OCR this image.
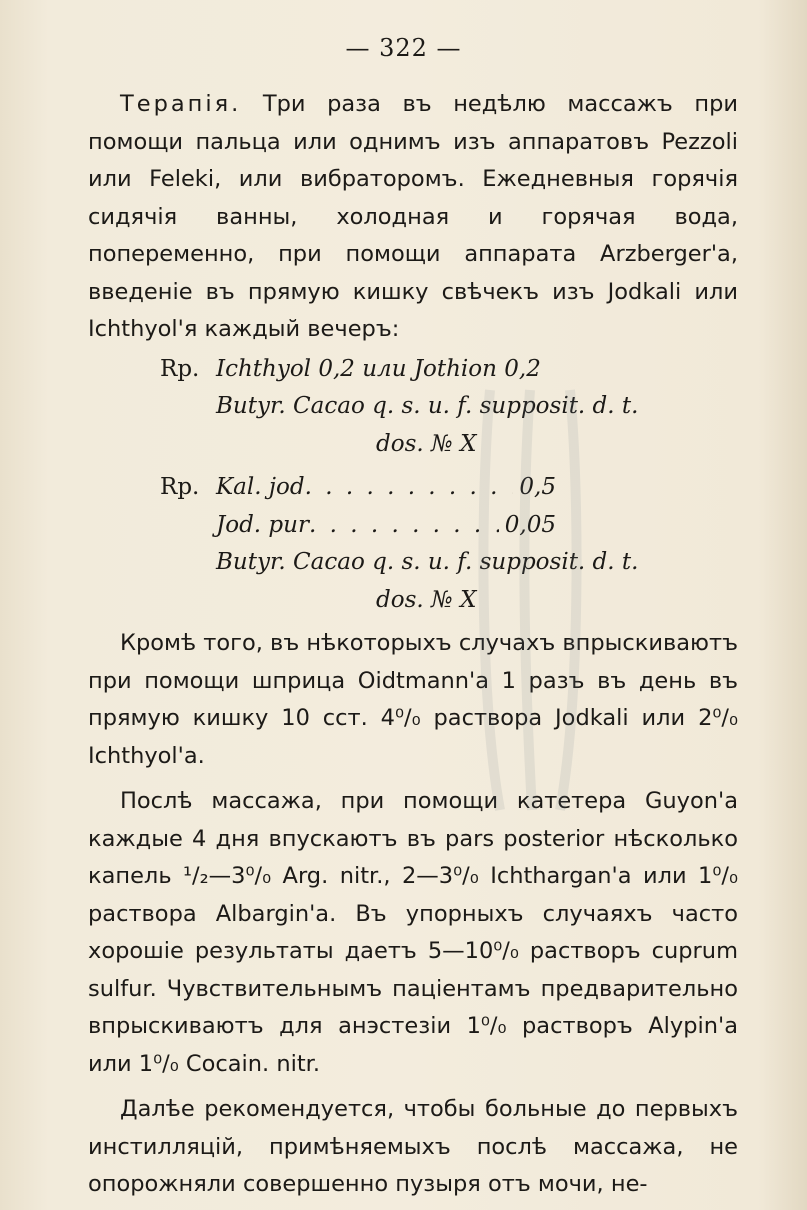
— 322 —

Терапія. Три раза въ недѣлю массажъ при помощи пальца или однимъ изъ аппаратовъ Pezzoli или Feleki, или вибраторомъ. Ежедневныя горячія сидячія ванны, холодная и горячая вода, попеременно, при помощи аппарата Arzberger'a, введеніе въ прямую кишку свѣчекъ изъ Jodkali или Ichthyol'я каждый вечеръ:

Rp. Ichthyol 0,2 или Jothion 0,2
Butyr. Cacao q. s. u. f. supposit. d. t.
dos. № X
Rp. Kal. jod . . .	0,5
Jod. pur . . .	0,05
Butyr. Cacao q. s. u. f. supposit. d. t.
dos. № X

Кромѣ того, въ нѣкоторыхъ случахъ впрыскиваютъ при помощи шприца Oidtmann'a 1 разъ въ день въ прямую кишку 10 сст. 4⁰/₀ раствора Jodkali или 2⁰/₀ Ichthyol'a.

Послѣ массажа, при помощи катетера Guyon'a каждые 4 дня впускаютъ въ pars posterior нѣсколько капель ¹/₂—3⁰/₀ Arg. nitr., 2—3⁰/₀ Ichthargan'a или 1⁰/₀ раствора Albargin'a. Въ упорныхъ случаяхъ часто хорошіе результаты даетъ 5—10⁰/₀ растворъ cuprum sulfur. Чувствительнымъ паціентамъ предварительно впрыскиваютъ для анэстезіи 1⁰/₀ растворъ Alypin'a или 1⁰/₀ Cocain. nitr.

Далѣе рекомендуется, чтобы больные до первыхъ инстилляцій, примѣняемыхъ послѣ массажа, не опорожняли совершенно пузыря отъ мочи, не-
